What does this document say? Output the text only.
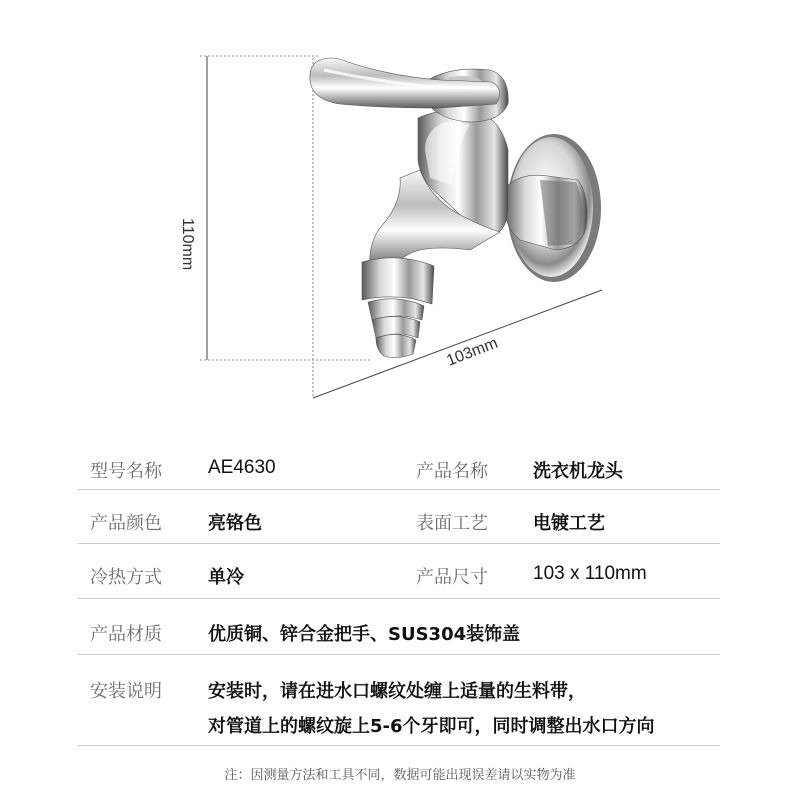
110mm
103mm
型号名称 AE4630	产品名称	洗衣机龙头
产品颜色	亮铬色	表面工艺	电镀工艺
冷热方式	单冷	产品尺寸 103 x 110mm
产品材质	优质铜、锌合金把手、SUS304装饰盖
安装说明	安装时，请在进水口螺纹处缠上适量的生料带，
对管道上的螺纹旋上5-6个牙即可，同时调整出水口方向
注：因测量方法和工具不同，数据可能出现误差请以实物为准
